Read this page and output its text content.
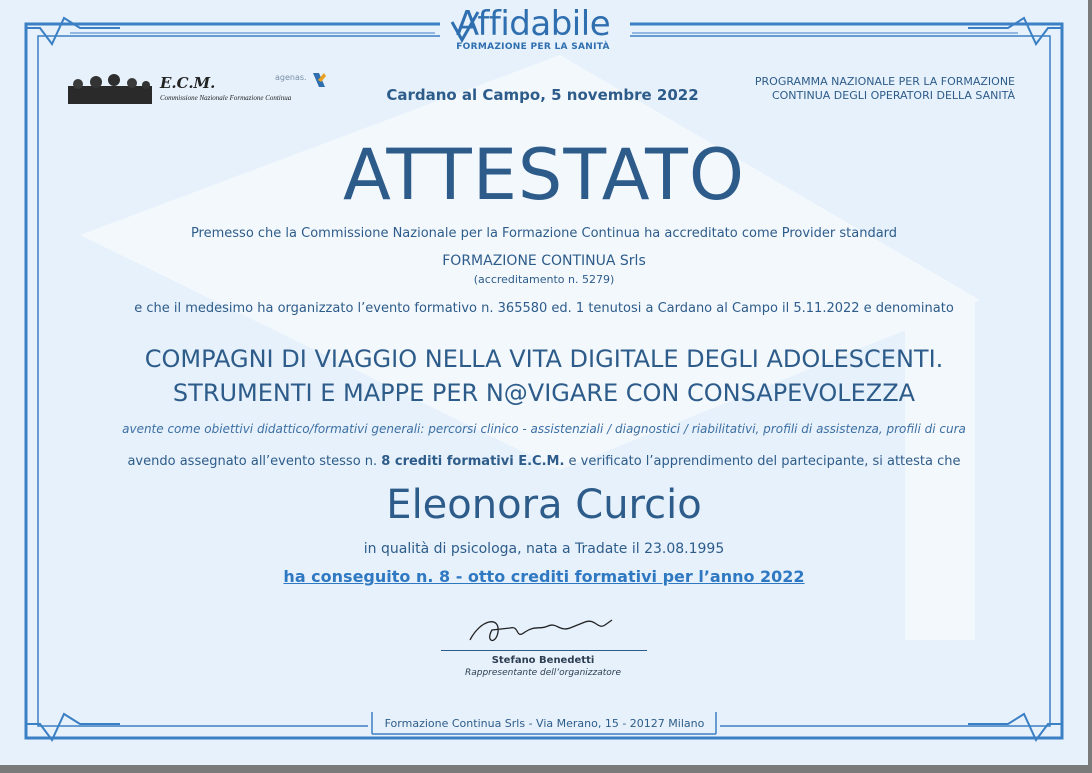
Affidabile
FORMAZIONE PER LA SANITÀ
E.C.M.
Commissione Nazionale Formazione Continua
agenas.
Cardano al Campo, 5 novembre 2022
PROGRAMMA NAZIONALE PER LA FORMAZIONE
CONTINUA DEGLI OPERATORI DELLA SANITÀ
ATTESTATO
Premesso che la Commissione Nazionale per la Formazione Continua ha accreditato come Provider standard
FORMAZIONE CONTINUA Srls
(accreditamento n. 5279)
e che il medesimo ha organizzato l’evento formativo n. 365580 ed. 1 tenutosi a Cardano al Campo il 5.11.2022 e denominato
COMPAGNI DI VIAGGIO NELLA VITA DIGITALE DEGLI ADOLESCENTI.
STRUMENTI E MAPPE PER N@VIGARE CON CONSAPEVOLEZZA
avente come obiettivi didattico/formativi generali: percorsi clinico - assistenziali / diagnostici / riabilitativi, profili di assistenza, profili di cura
avendo assegnato all’evento stesso n. 8 crediti formativi E.C.M. e verificato l’apprendimento del partecipante, si attesta che
Eleonora Curcio
in qualità di psicologa, nata a Tradate il 23.08.1995
ha conseguito n. 8 - otto crediti formativi per l’anno 2022
Stefano Benedetti
Rappresentante dell’organizzatore
Formazione Continua Srls - Via Merano, 15 - 20127 Milano
